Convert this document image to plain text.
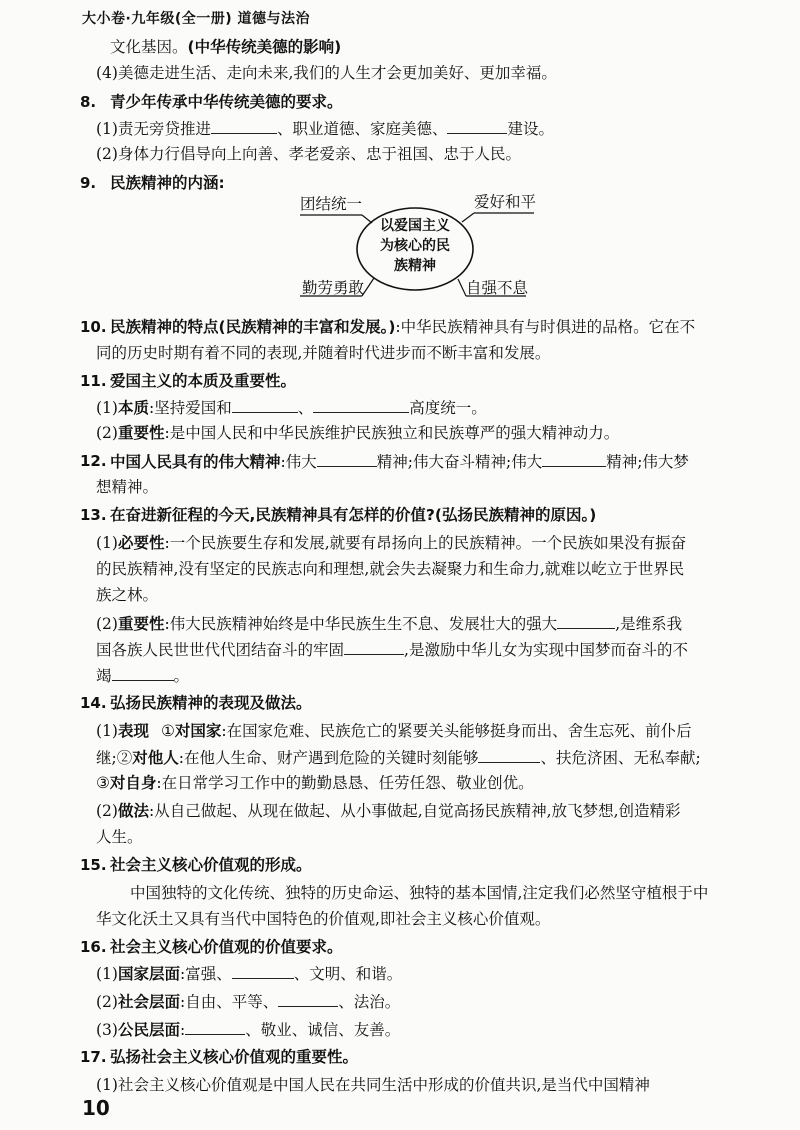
大小卷·九年级(全一册) 道德与法治
文化基因。(中华传统美德的影响)
(4)美德走进生活、走向未来,我们的人生才会更加美好、更加幸福。
8. 青少年传承中华传统美德的要求。
(1)责无旁贷推进	、职业道德、家庭美德、	建设。
(2)身体力行倡导向上向善、孝老爱亲、忠于祖国、忠于人民。
9. 民族精神的内涵:
团结统一	爱好和平
勤劳勇敢	自强不息
以爱国主义
为核心的民
族精神
10. 民族精神的特点(民族精神的丰富和发展。):中华民族精神具有与时俱进的品格。它在不
同的历史时期有着不同的表现,并随着时代进步而不断丰富和发展。
11. 爱国主义的本质及重要性。
(1)本质:坚持爱国和	、	高度统一。
(2)重要性:是中国人民和中华民族维护民族独立和民族尊严的强大精神动力。
12. 中国人民具有的伟大精神:伟大	精神;伟大奋斗精神;伟大	精神;伟大梦
想精神。
13. 在奋进新征程的今天,民族精神具有怎样的价值?(弘扬民族精神的原因。)
(1)必要性:一个民族要生存和发展,就要有昂扬向上的民族精神。一个民族如果没有振奋
的民族精神,没有坚定的民族志向和理想,就会失去凝聚力和生命力,就难以屹立于世界民
族之林。
(2)重要性:伟大民族精神始终是中华民族生生不息、发展壮大的强大	,是维系我
国各族人民世世代代团结奋斗的牢固	,是激励中华儿女为实现中国梦而奋斗的不
竭	。
14. 弘扬民族精神的表现及做法。
(1)表现 ①对国家:在国家危难、民族危亡的紧要关头能够挺身而出、舍生忘死、前仆后
继;②对他人:在他人生命、财产遇到危险的关键时刻能够	、扶危济困、无私奉献;
③对自身:在日常学习工作中的勤勤恳恳、任劳任怨、敬业创优。
(2)做法:从自己做起、从现在做起、从小事做起,自觉高扬民族精神,放飞梦想,创造精彩
人生。
15. 社会主义核心价值观的形成。
中国独特的文化传统、独特的历史命运、独特的基本国情,注定我们必然坚守植根于中
华文化沃土又具有当代中国特色的价值观,即社会主义核心价值观。
16. 社会主义核心价值观的价值要求。
(1)国家层面:富强、	、文明、和谐。
(2)社会层面:自由、平等、	、法治。
(3)公民层面:	、敬业、诚信、友善。
17. 弘扬社会主义核心价值观的重要性。
(1)社会主义核心价值观是中国人民在共同生活中形成的价值共识,是当代中国精神
10
